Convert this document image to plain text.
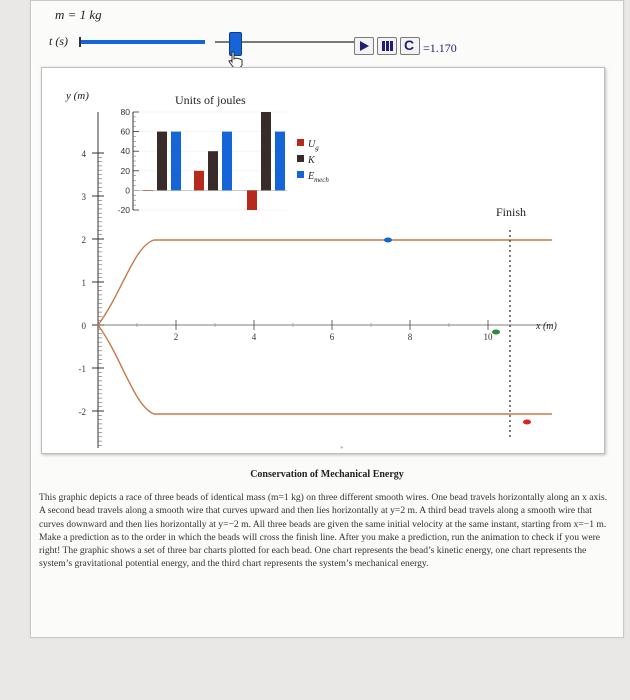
m = 1 kg
t (s)	C =1.170
y (m)
4
3
2
1
0
-1
-2
2	4	6	8	10
x (m)
Finish
Units of joules
80
60
40
20
0
-20
$U_g$
K
$E_{mech}$
*
Conservation of Mechanical Energy
This graphic depicts a race of three beads of identical mass (m=1 kg) on three different smooth wires. One bead travels horizontally along an x axis. A second bead travels along a smooth wire that curves upward and then lies horizontally at y=2 m. A third bead travels along a smooth wire that curves downward and then lies horizontally at y=−2 m. All three beads are given the same initial velocity at the same instant, starting from x=−1 m. Make a prediction as to the order in which the beads will cross the finish line. After you make a prediction, run the animation to check if you were right! The graphic shows a set of three bar charts plotted for each bead. One chart represents the bead’s kinetic energy, one chart represents the system’s gravitational potential energy, and the third chart represents the system’s mechanical energy.
